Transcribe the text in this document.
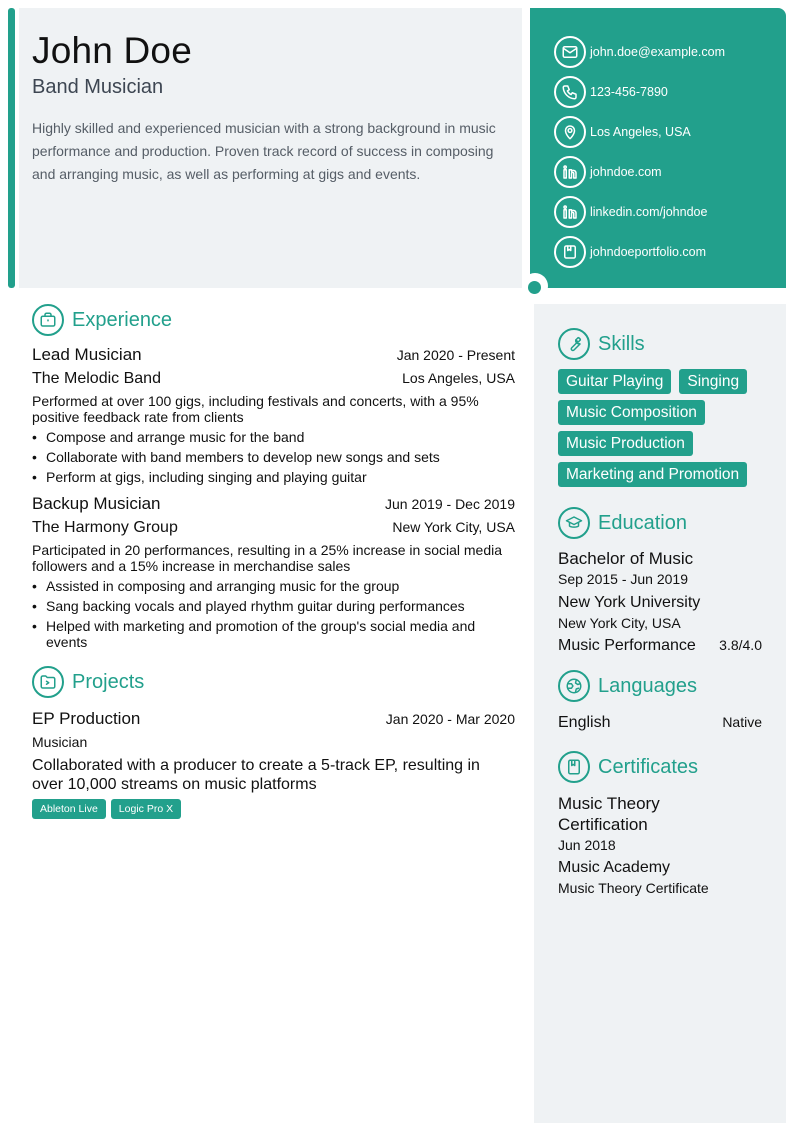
John Doe
Band Musician
Highly skilled and experienced musician with a strong background in music performance and production. Proven track record of success in composing and arranging music, as well as performing at gigs and events.
john.doe@example.com
123-456-7890
Los Angeles, USA
johndoe.com
linkedin.com/johndoe
johndoeportfolio.com
Experience
Lead Musician	Jan 2020 - Present
The Melodic Band	Los Angeles, USA
Performed at over 100 gigs, including festivals and concerts, with a 95% positive feedback rate from clients
• Compose and arrange music for the band
• Collaborate with band members to develop new songs and sets
• Perform at gigs, including singing and playing guitar
Backup Musician	Jun 2019 - Dec 2019
The Harmony Group	New York City, USA
Participated in 20 performances, resulting in a 25% increase in social media followers and a 15% increase in merchandise sales
• Assisted in composing and arranging music for the group
• Sang backing vocals and played rhythm guitar during performances
• Helped with marketing and promotion of the group's social media and events
Projects
EP Production	Jan 2020 - Mar 2020
Musician
Collaborated with a producer to create a 5-track EP, resulting in over 10,000 streams on music platforms
Ableton Live Logic Pro X
Skills
Guitar Playing	Singing
Music Composition
Music Production
Marketing and Promotion
Education
Bachelor of Music
Sep 2015 - Jun 2019
New York University
New York City, USA
Music Performance 3.8/4.0
Languages
English	Native
Certificates
Music Theory Certification
Jun 2018
Music Academy
Music Theory Certificate
